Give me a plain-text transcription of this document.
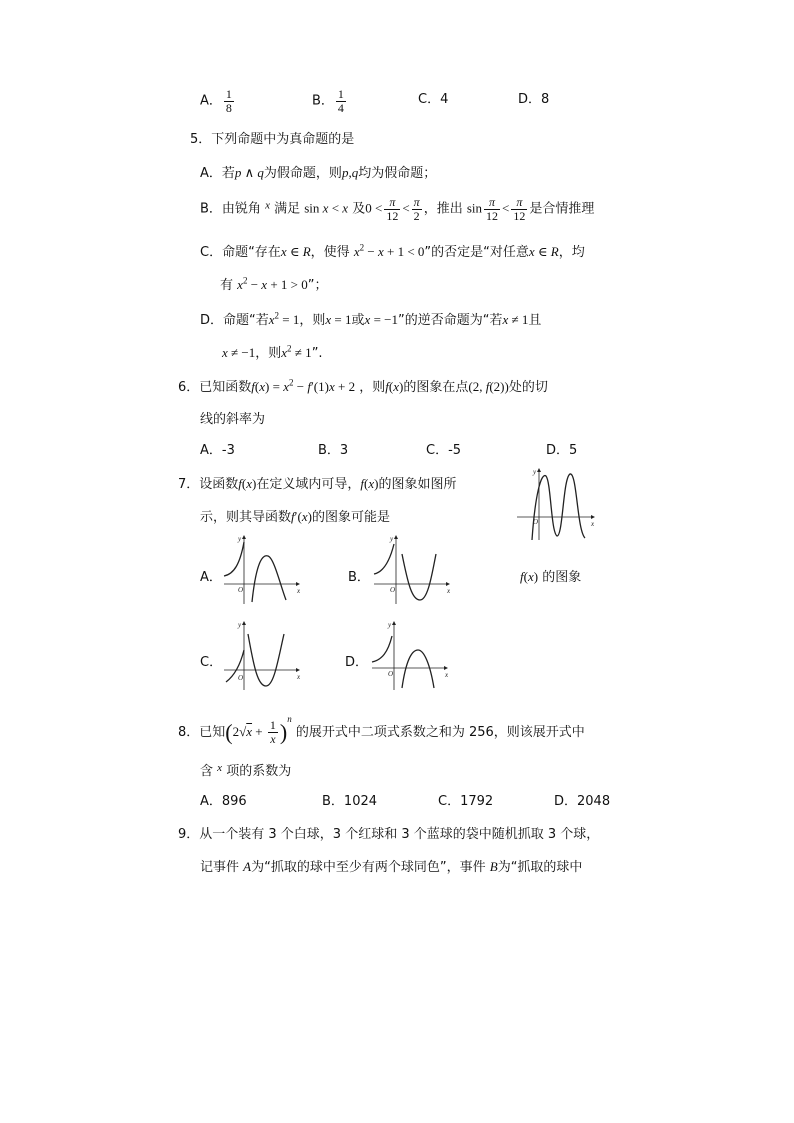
A． $\frac{1}{8}$	B． $\frac{1}{4}$	C．4	D．8
5．下列命题中为真命题的是
A．若p ∧ q为假命题，则p,q均为假命题；
B．由锐角 $^x$ 满足 sin x < x 及$0 < \frac{\pi}{12} < \frac{\pi}{2}$ ，推出 $\sin \frac{\pi}{12} < \frac{\pi}{12}$ 是合情推理
C．命题“存在x ∈ R，使得 $x^2 - x + 1 < 0$”的否定是“对任意x ∈ R，均
有 $x^2 - x + 1 > 0$”；
D．命题“若$x^2 = 1$，则x = 1或x = −1”的逆否命题为“若x ≠ 1且
x ≠ −1，则$x^2 \ne 1$”.
6．已知函数$f(x) = x^2 - f'(1)x + 2$ ，则f(x)的图象在点(2, f(2))处的切
线的斜率为
A．-3	B．3	C．-5	D．5
7．设函数f(x)在定义域内可导，f(x)的图象如图所
示，则其导函数f′(x)的图象可能是	O	x
y
f(x) 的图象
A．
O	x
y
B．
O	x
y
C．
O	x
y
D．
O	x
y
8．已知$(2√x + \frac{1}{x} )^n$ 的展开式中二项式系数之和为 256，则该展开式中
含 $^x$ 项的系数为
A．896	B．1024	C．1792	D．2048
9．从一个装有 3 个白球，3 个红球和 3 个蓝球的袋中随机抓取 3 个球，
记事件 A为“抓取的球中至少有两个球同色”，事件 B为“抓取的球中
